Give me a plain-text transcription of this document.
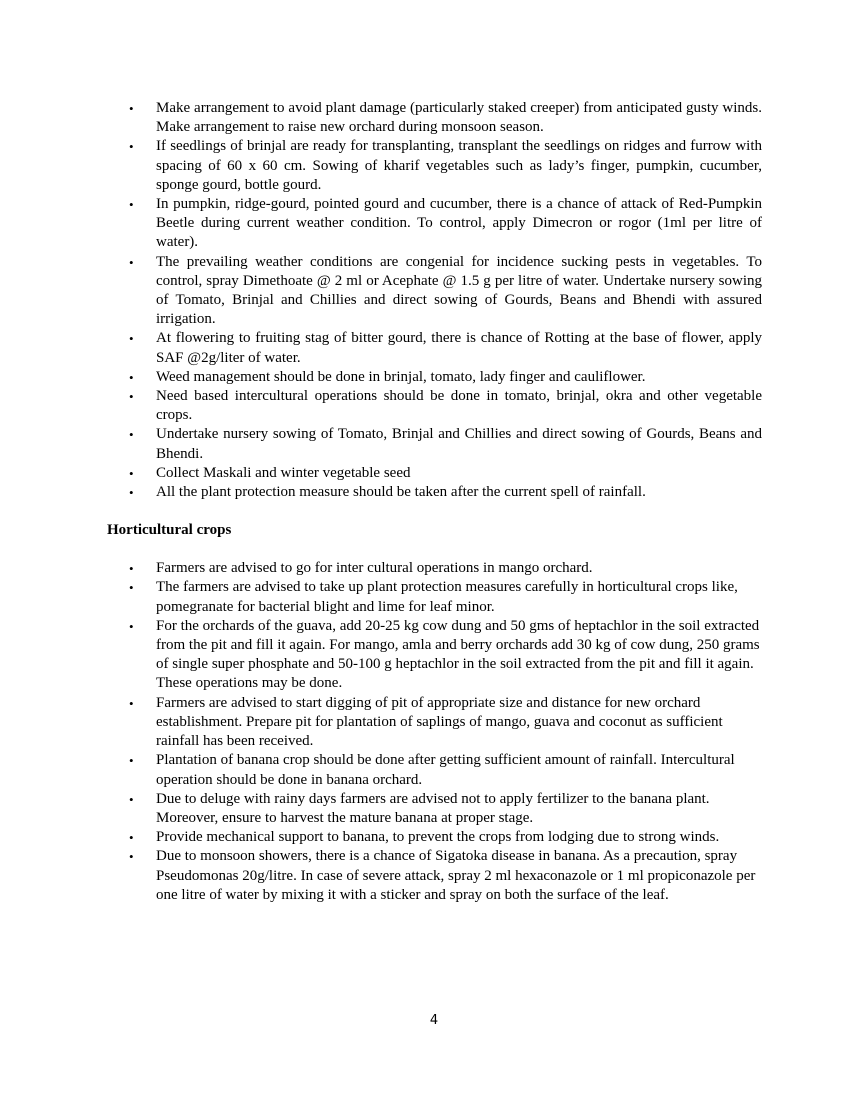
• Make arrangement to avoid plant damage (particularly staked creeper) from anticipated gusty winds. Make arrangement to raise new orchard during monsoon season.
• If seedlings of brinjal are ready for transplanting, transplant the seedlings on ridges and furrow with spacing of 60 x 60 cm. Sowing of kharif vegetables such as lady’s finger, pumpkin, cucumber, sponge gourd, bottle gourd.
• In pumpkin, ridge-gourd, pointed gourd and cucumber, there is a chance of attack of Red-Pumpkin Beetle during current weather condition. To control, apply Dimecron or rogor (1ml per litre of water).
• The prevailing weather conditions are congenial for incidence sucking pests in vegetables. To control, spray Dimethoate @ 2 ml or Acephate @ 1.5 g per litre of water. Undertake nursery sowing of Tomato, Brinjal and Chillies and direct sowing of Gourds, Beans and Bhendi with assured irrigation.
• At flowering to fruiting stag of bitter gourd, there is chance of Rotting at the base of flower, apply SAF @2g/liter of water.
• Weed management should be done in brinjal, tomato, lady finger and cauliflower.
• Need based intercultural operations should be done in tomato, brinjal, okra and other vegetable crops.
• Undertake nursery sowing of Tomato, Brinjal and Chillies and direct sowing of Gourds, Beans and Bhendi.
• Collect Maskali and winter vegetable seed
• All the plant protection measure should be taken after the current spell of rainfall.
Horticultural crops
• Farmers are advised to go for inter cultural operations in mango orchard.
• The farmers are advised to take up plant protection measures carefully in horticultural crops like, pomegranate for bacterial blight and lime for leaf minor.
• For the orchards of the guava, add 20-25 kg cow dung and 50 gms of heptachlor in the soil extracted from the pit and fill it again. For mango, amla and berry orchards add 30 kg of cow dung, 250 grams of single super phosphate and 50-100 g heptachlor in the soil extracted from the pit and fill it again. These operations may be done.
• Farmers are advised to start digging of pit of appropriate size and distance for new orchard establishment. Prepare pit for plantation of saplings of mango, guava and coconut as sufficient rainfall has been received.
• Plantation of banana crop should be done after getting sufficient amount of rainfall. Intercultural operation should be done in banana orchard.
• Due to deluge with rainy days farmers are advised not to apply fertilizer to the banana plant. Moreover, ensure to harvest the mature banana at proper stage.
• Provide mechanical support to banana, to prevent the crops from lodging due to strong winds.
• Due to monsoon showers, there is a chance of Sigatoka disease in banana. As a precaution, spray Pseudomonas 20g/litre. In case of severe attack, spray 2 ml hexaconazole or 1 ml propiconazole per one litre of water by mixing it with a sticker and spray on both the surface of the leaf.
4
